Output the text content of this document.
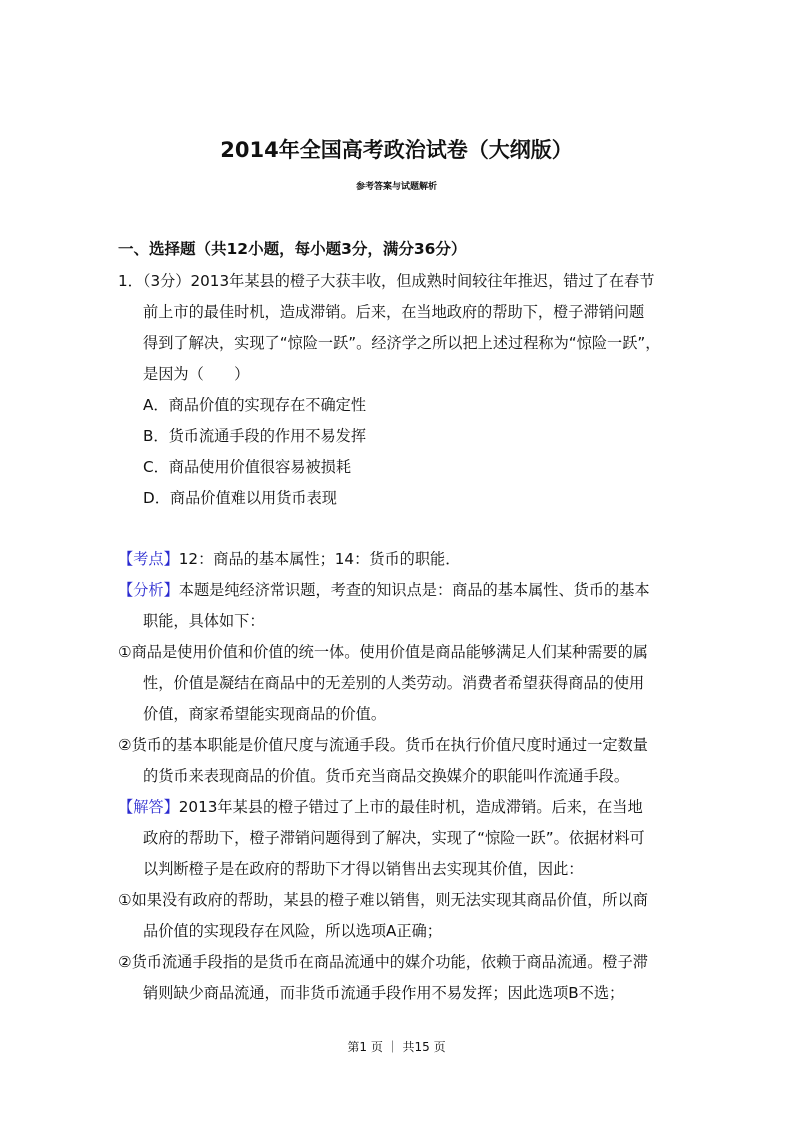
2014年全国高考政治试卷（大纲版）
参考答案与试题解析
一、选择题（共12小题，每小题3分，满分36分）
1．（3分）2013年某县的橙子大获丰收，但成熟时间较往年推迟，错过了在春节
前上市的最佳时机，造成滞销。后来，在当地政府的帮助下，橙子滞销问题
得到了解决，实现了“惊险一跃”。经济学之所以把上述过程称为“惊险一跃”，
是因为（　　）
A．商品价值的实现存在不确定性
B．货币流通手段的作用不易发挥
C．商品使用价值很容易被损耗
D．商品价值难以用货币表现
【考点】12：商品的基本属性；14：货币的职能．
【分析】本题是纯经济常识题，考查的知识点是：商品的基本属性、货币的基本
职能，具体如下：
①商品是使用价值和价值的统一体。使用价值是商品能够满足人们某种需要的属
性，价值是凝结在商品中的无差别的人类劳动。消费者希望获得商品的使用
价值，商家希望能实现商品的价值。
②货币的基本职能是价值尺度与流通手段。货币在执行价值尺度时通过一定数量
的货币来表现商品的价值。货币充当商品交换媒介的职能叫作流通手段。
【解答】2013年某县的橙子错过了上市的最佳时机，造成滞销。后来，在当地
政府的帮助下，橙子滞销问题得到了解决，实现了“惊险一跃”。依据材料可
以判断橙子是在政府的帮助下才得以销售出去实现其价值，因此：
①如果没有政府的帮助，某县的橙子难以销售，则无法实现其商品价值，所以商
品价值的实现段存在风险，所以选项A正确；
②货币流通手段指的是货币在商品流通中的媒介功能，依赖于商品流通。橙子滞
销则缺少商品流通，而非货币流通手段作用不易发挥；因此选项B不选；
第1 页 ｜ 共15 页
